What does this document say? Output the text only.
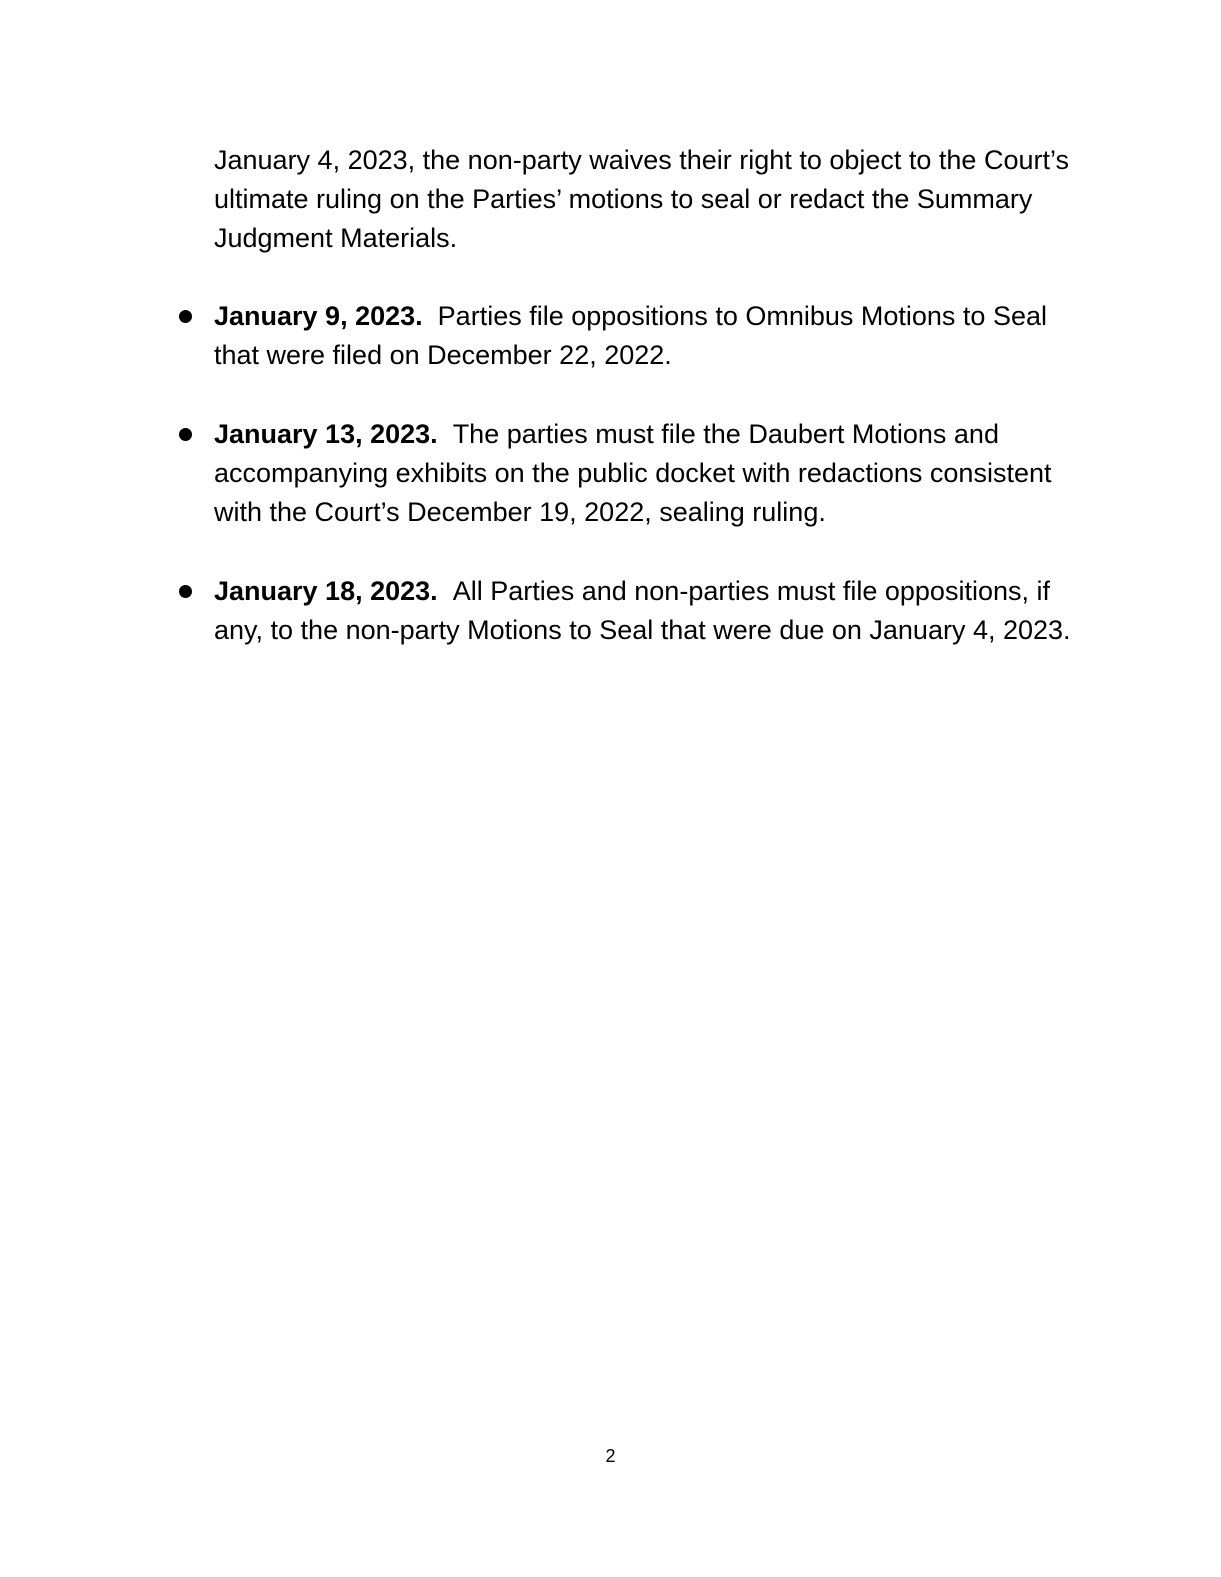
January 4, 2023, the non-party waives their right to object to the Court’s ultimate ruling on the Parties’ motions to seal or redact the Summary Judgment Materials.

January 9, 2023. Parties file oppositions to Omnibus Motions to Seal that were filed on December 22, 2022.
January 13, 2023. The parties must file the Daubert Motions and accompanying exhibits on the public docket with redactions consistent with the Court’s December 19, 2022, sealing ruling.
January 18, 2023. All Parties and non-parties must file oppositions, if any, to the non-party Motions to Seal that were due on January 4, 2023.
2
